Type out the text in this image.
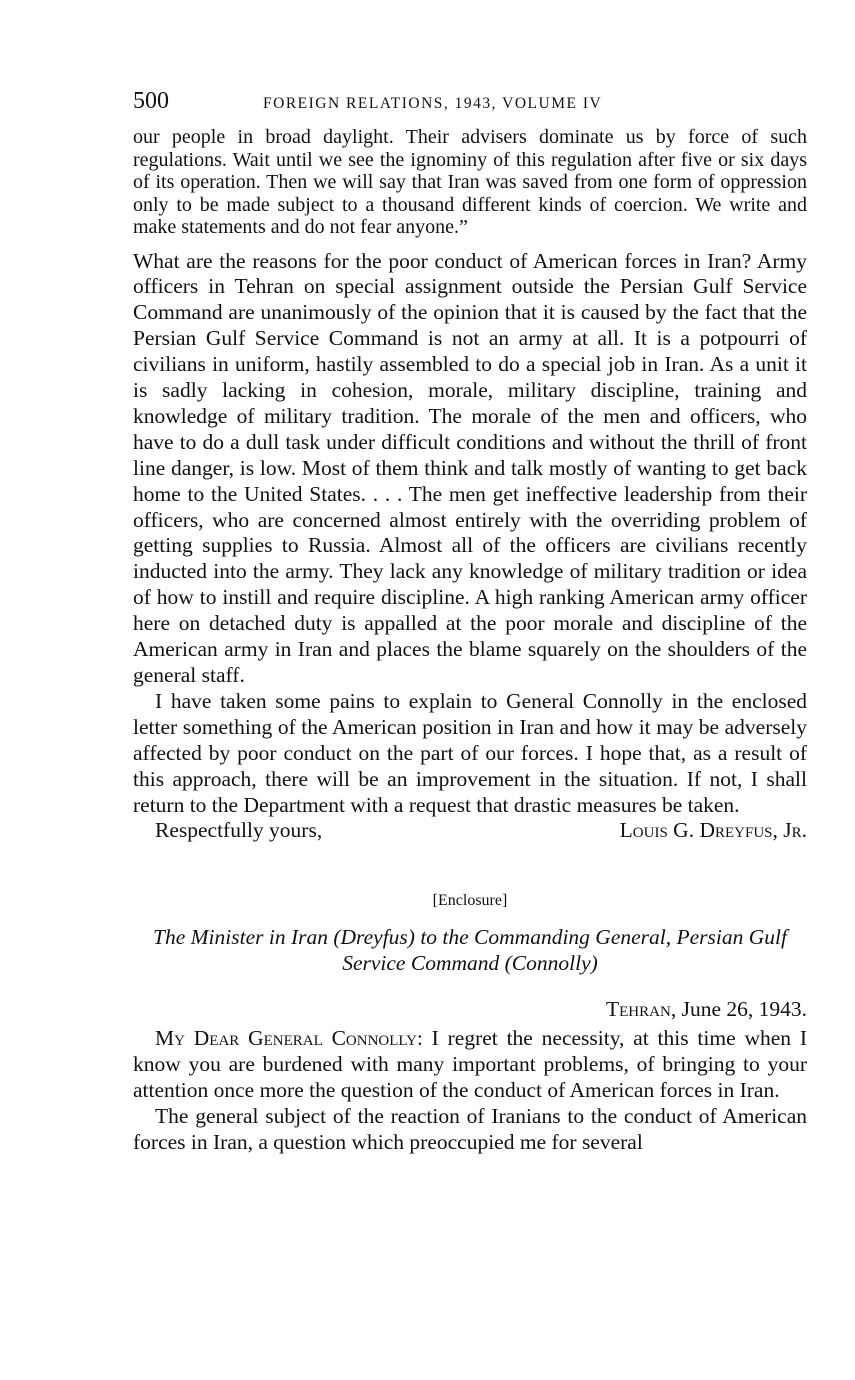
500	FOREIGN RELATIONS, 1943, VOLUME IV

our people in broad daylight. Their advisers dominate us by force of such regulations. Wait until we see the ignominy of this regulation after five or six days of its operation. Then we will say that Iran was saved from one form of oppression only to be made subject to a thousand different kinds of coercion. We write and make statements and do not fear anyone.”

What are the reasons for the poor conduct of American forces in Iran? Army officers in Tehran on special assignment outside the Persian Gulf Service Command are unanimously of the opinion that it is caused by the fact that the Persian Gulf Service Command is not an army at all. It is a potpourri of civilians in uniform, hastily assembled to do a special job in Iran. As a unit it is sadly lacking in cohesion, morale, military discipline, training and knowledge of military tradition. The morale of the men and officers, who have to do a dull task under difficult conditions and without the thrill of front line danger, is low. Most of them think and talk mostly of wanting to get back home to the United States. . . . The men get ineffective leadership from their officers, who are concerned almost entirely with the overriding problem of getting supplies to Russia. Almost all of the officers are civilians recently inducted into the army. They lack any knowledge of military tradition or idea of how to instill and require discipline. A high ranking American army officer here on detached duty is appalled at the poor morale and discipline of the American army in Iran and places the blame squarely on the shoulders of the general staff.

I have taken some pains to explain to General Connolly in the enclosed letter something of the American position in Iran and how it may be adversely affected by poor conduct on the part of our forces. I hope that, as a result of this approach, there will be an improvement in the situation. If not, I shall return to the Department with a request that drastic measures be taken.

Respectfully yours,	Louis G. Dreyfus, Jr.
[Enclosure]
The Minister in Iran (Dreyfus) to the Commanding General, Persian Gulf Service Command (Connolly)
Tehran, June 26, 1943.

My Dear General Connolly: I regret the necessity, at this time when I know you are burdened with many important problems, of bringing to your attention once more the question of the conduct of American forces in Iran.

The general subject of the reaction of Iranians to the conduct of American forces in Iran, a question which preoccupied me for several
